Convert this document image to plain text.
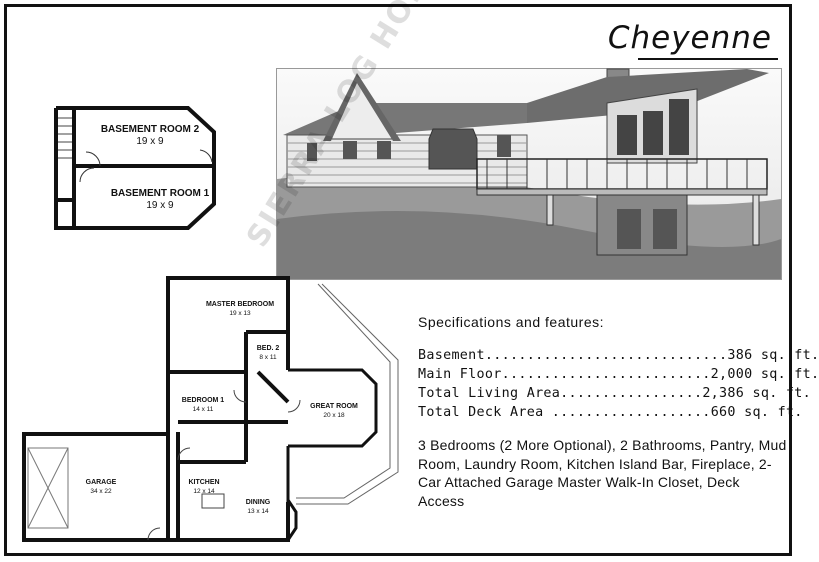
Cheyenne
BASEMENT ROOM 2
19 x 9
BASEMENT ROOM 1
19 x 9
MASTER BEDROOM
19 x 13
BED. 2
8 x 11
BEDROOM 1
14 x 11	GREAT ROOM
20 x 18
GARAGE
34 x 22
KITCHEN
12 x 14
DINING
13 x 14
SIERRA LOG
Specifications and features:
Basement.............................386 sq. ft.
Main Floor.........................2,000 sq. ft.
Total Living Area.................2,386 sq. ft.
Total Deck Area ...................660 sq. ft.
3 Bedrooms (2 More Optional), 2 Bathrooms, Pantry, Mud Room, Laundry Room, Kitchen Island Bar, Fireplace, 2-Car Attached Garage Master Walk-In Closet, Deck Access
